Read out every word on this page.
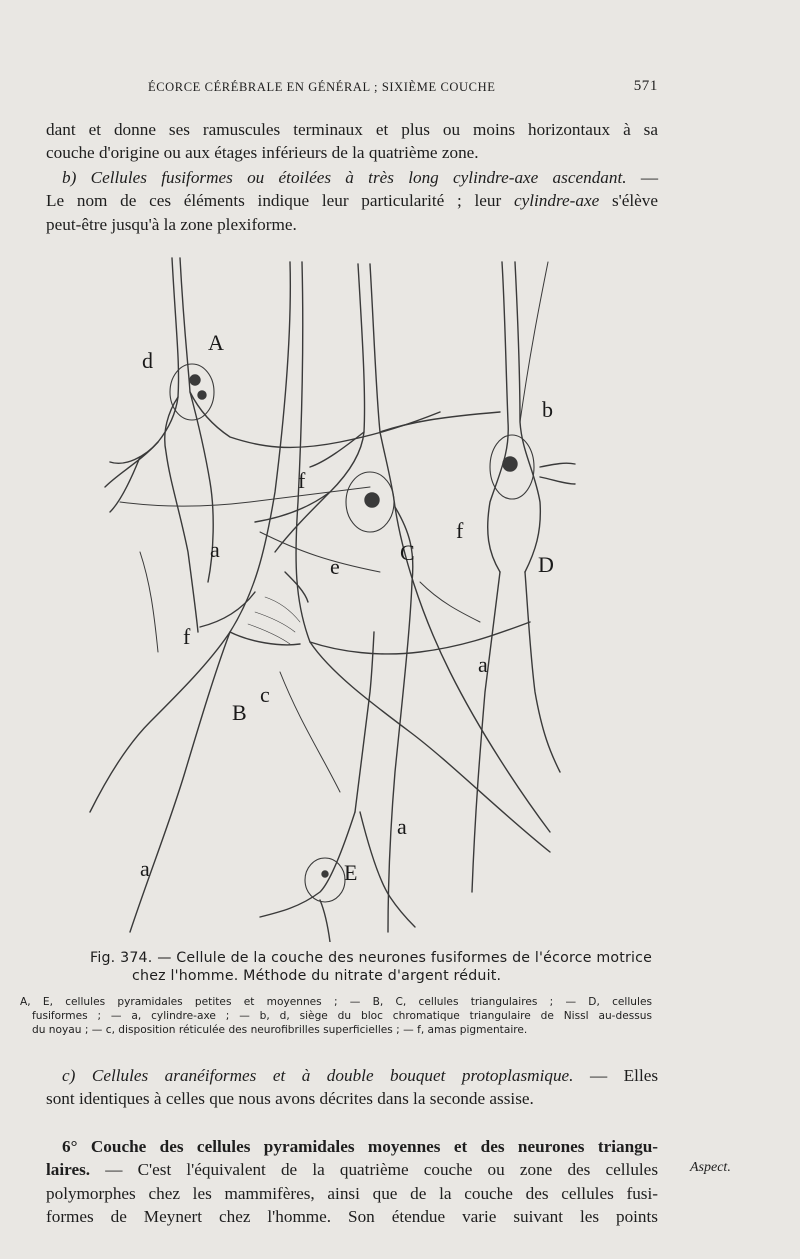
ÉCORCE CÉRÉBRALE EN GÉNÉRAL ; SIXIÈME COUCHE	571

dant et donne ses ramuscules terminaux et plus ou moins horizontaux à sa
couche d'origine ou aux étages inférieurs de la quatrième zone.

b) Cellules fusiformes ou étoilées à très long cylindre-axe ascendant. —
Le nom de ces éléments indique leur particularité ; leur cylindre-axe s'élève
peut-être jusqu'à la zone plexiforme.

A
d
b
f
f
a	C
e	D
f
a
c
B
a
a	E
Fig. 374. — Cellule de la couche des neurones fusiformes de l'écorce motrice
chez l'homme. Méthode du nitrate d'argent réduit.
A, E, cellules pyramidales petites et moyennes ; — B, C, cellules triangulaires ; — D, cellules
fusiformes ; — a, cylindre-axe ; — b, d, siège du bloc chromatique triangulaire de Nissl au-dessus
du noyau ; — c, disposition réticulée des neurofibrilles superficielles ; — f, amas pigmentaire.

c) Cellules aranéiformes et à double bouquet protoplasmique. — Elles
sont identiques à celles que nous avons décrites dans la seconde assise.

6° Couche des cellules pyramidales moyennes et des neurones triangu-
laires. — C'est l'équivalent de la quatrième couche ou zone des cellules
polymorphes chez les mammifères, ainsi que de la couche des cellules fusi-
formes de Meynert chez l'homme. Son étendue varie suivant les points

Aspect.
